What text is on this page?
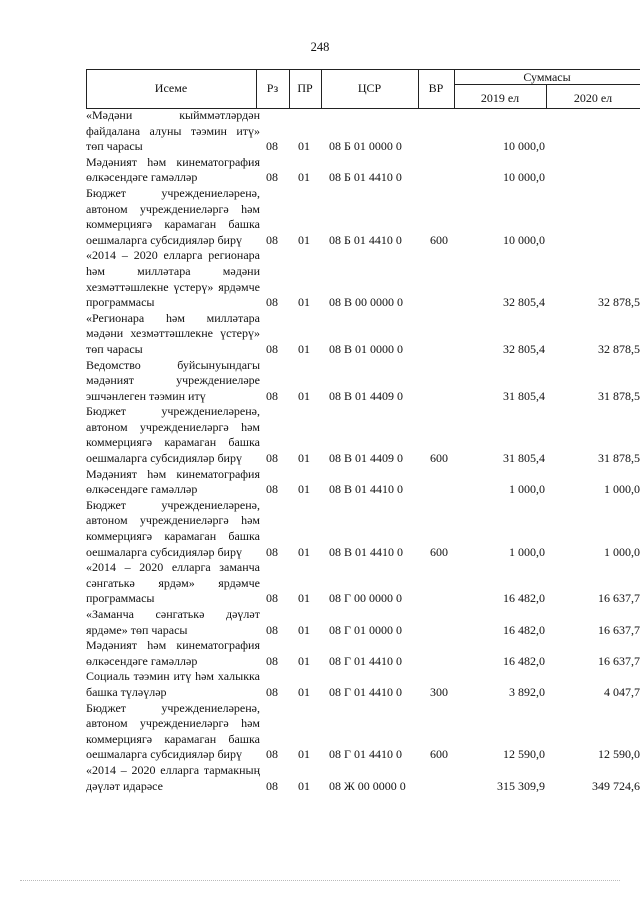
248
Исеме	Рз	ПР	ЦСР	ВР
Суммасы
2019 ел	2020 ел
«Мәдәни кыйммәтләрдән файдалана алуны тәэмин итү» төп чарасы	08 01 08 Б 01 0000 0	10 000,0
Мәдәният һәм кинематография өлкәсендәге гамәлләр	08 01 08 Б 01 4410 0	10 000,0
Бюджет учреждениеләренә, автоном учреждениеләргә һәм коммерциягә карамаган башка оешмаларга субсидияләр бирү	08 01 08 Б 01 4410 0 600	10 000,0
«2014 – 2020 елларга регионара һәм милләтара мәдәни хезмәттәшлекне үстерү» ярдәмче программасы	08 01 08 В 00 0000 0	32 805,4	32 878,5
«Регионара һәм милләтара мәдәни хезмәттәшлекне үстерү» төп чарасы	08 01 08 В 01 0000 0	32 805,4	32 878,5
Ведомство буйсынуындагы мәдәният учреждениеләре эшчәнлеген тәэмин итү	08 01 08 В 01 4409 0	31 805,4	31 878,5
Бюджет учреждениеләренә, автоном учреждениеләргә һәм коммерциягә карамаган башка оешмаларга субсидияләр бирү	08 01 08 В 01 4409 0 600	31 805,4	31 878,5
Мәдәният һәм кинематография өлкәсендәге гамәлләр	08 01 08 В 01 4410 0	1 000,0	1 000,0
Бюджет учреждениеләренә, автоном учреждениеләргә һәм коммерциягә карамаган башка оешмаларга субсидияләр бирү	08 01 08 В 01 4410 0 600	1 000,0	1 000,0
«2014 – 2020 елларга заманча сәнгатькә ярдәм» ярдәмче программасы	08 01 08 Г 00 0000 0	16 482,0	16 637,7
«Заманча сәнгатькә дәүләт ярдәме» төп чарасы	08 01 08 Г 01 0000 0	16 482,0	16 637,7
Мәдәният һәм кинематография өлкәсендәге гамәлләр	08 01 08 Г 01 4410 0	16 482,0	16 637,7
Социаль тәэмин итү һәм халыкка башка түләүләр	08 01 08 Г 01 4410 0 300	3 892,0	4 047,7
Бюджет учреждениеләренә, автоном учреждениеләргә һәм коммерциягә карамаган башка оешмаларга субсидияләр бирү	08 01 08 Г 01 4410 0 600	12 590,0	12 590,0
«2014 – 2020 елларга тармакның дәүләт идарәсе	08 01 08 Ж 00 0000 0	315 309,9	349 724,6
